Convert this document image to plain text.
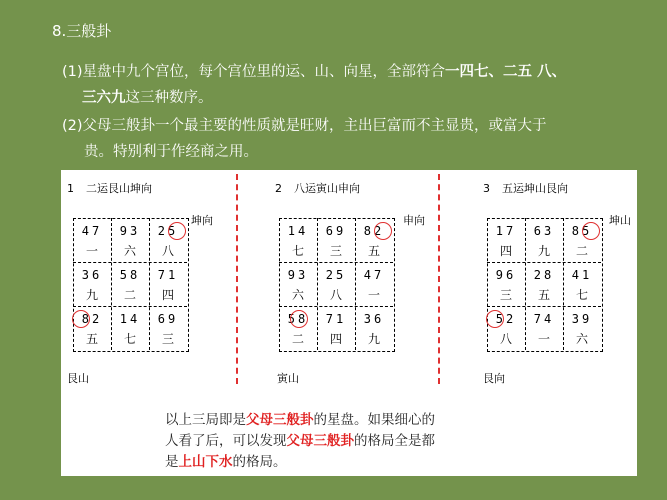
8.三般卦
(1)星盘中九个宫位，每个宫位里的运、山、向星，全部符合一四七、二五 八、
三六九这三种数序。
(2)父母三般卦一个最主要的性质就是旺财，主出巨富而不主显贵，或富大于
贵。特别利于作经商之用。
1 二运艮山坤向
坤向
艮山
47
一
93
六
25
八
36
九
58
二
71
四
82
五
14
七
69
三
2 八运寅山申向
申向
寅山
14
七
69
三
82
五
93
六
25
八
47
一
58
二
71
四
36
九
3 五运坤山艮向
坤山
艮向
17
四
63
九
85
二
96
三
28
五
41
七
52
八
74
一
39
六
以上三局即是父母三般卦的星盘。如果细心的
人看了后，可以发现父母三般卦的格局全是都
是上山下水的格局。
